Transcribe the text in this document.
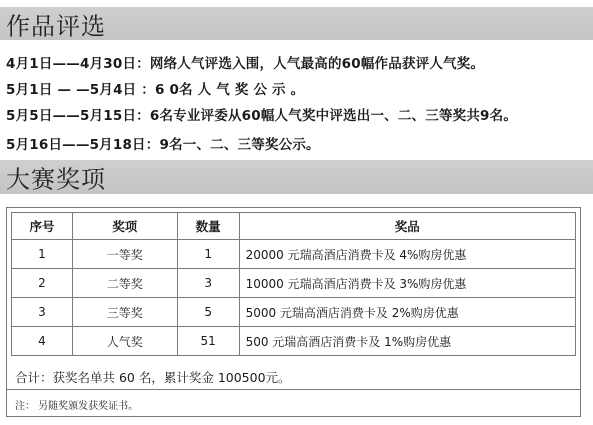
作品评选
4月1日——4月30日：网络人气评选入围，人气最高的60幅作品获评人气奖。
5月1日 — —5月4日 ：6 0名 人 气 奖 公 示 。
5月5日——5月15日：6名专业评委从60幅人气奖中评选出一、二、三等奖共9名。
5月16日——5月18日：9名一、二、三等奖公示。
大赛奖项
序号	奖项	数量	奖品
1	一等奖	1	20000 元瑞高酒店消费卡及 4%购房优惠
2	二等奖	3	10000 元瑞高酒店消费卡及 3%购房优惠
3	三等奖	5	5000 元瑞高酒店消费卡及 2%购房优惠
4	人气奖	51	500 元瑞高酒店消费卡及 1%购房优惠
合计：获奖名单共 60 名，累计奖金 100500元。
注： 另随奖颁发获奖证书。
